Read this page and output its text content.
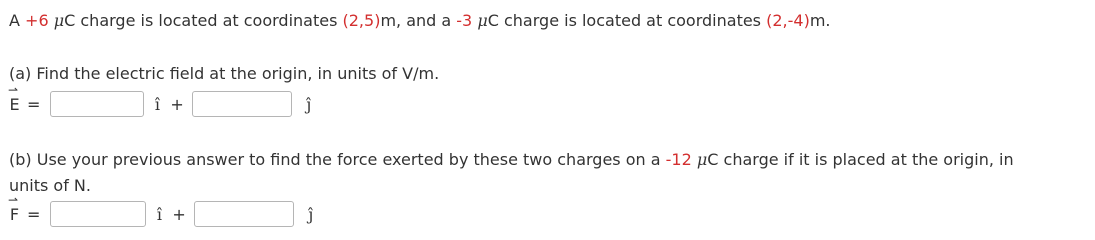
A +6 μC charge is located at coordinates (2,5)m, and a -3 μC charge is located at coordinates (2,-4)m.
(a) Find the electric field at the origin, in units of V/m.
⇀
E =	î +	ĵ
(b) Use your previous answer to find the force exerted by these two charges on a -12 μC charge if it is placed at the origin, in
units of N.
⇀
F =	î +	ĵ
